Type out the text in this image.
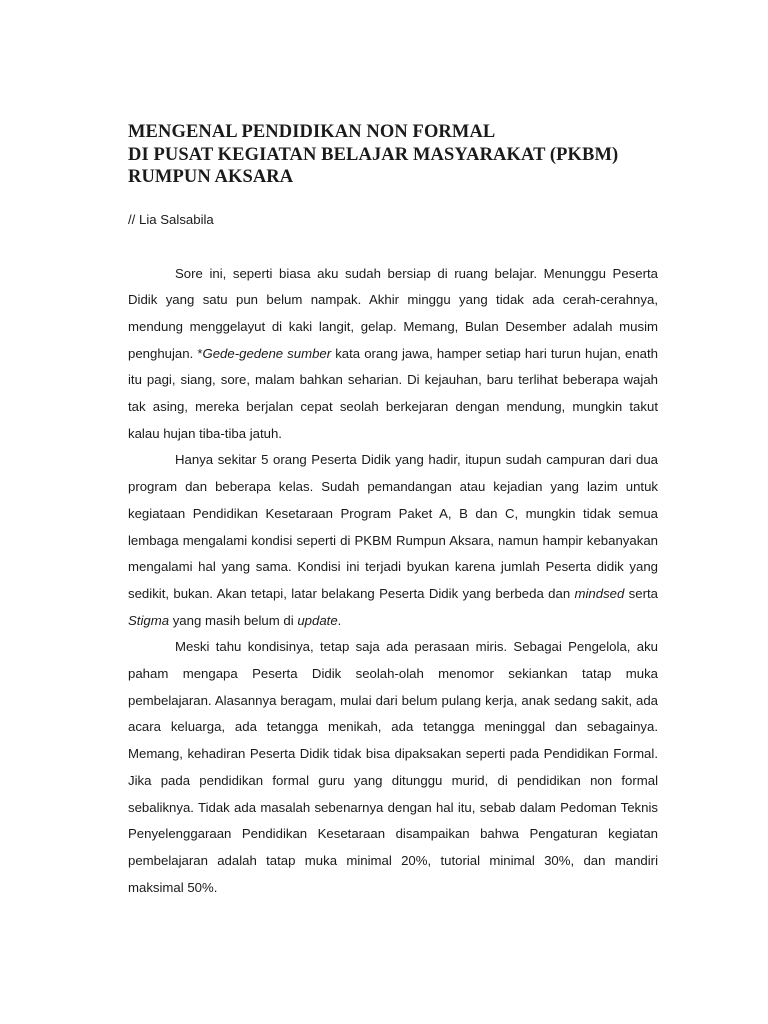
MENGENAL PENDIDIKAN NON FORMAL
DI PUSAT KEGIATAN BELAJAR MASYARAKAT (PKBM)
RUMPUN AKSARA

// Lia Salsabila

Sore ini, seperti biasa aku sudah bersiap di ruang belajar. Menunggu Peserta Didik yang satu pun belum nampak. Akhir minggu yang tidak ada cerah-cerahnya, mendung menggelayut di kaki langit, gelap. Memang, Bulan Desember adalah musim penghujan. *Gede-gedene sumber kata orang jawa, hamper setiap hari turun hujan, enath itu pagi, siang, sore, malam bahkan seharian. Di kejauhan, baru terlihat beberapa wajah tak asing, mereka berjalan cepat seolah berkejaran dengan mendung, mungkin takut kalau hujan tiba-tiba jatuh.

Hanya sekitar 5 orang Peserta Didik yang hadir, itupun sudah campuran dari dua program dan beberapa kelas. Sudah pemandangan atau kejadian yang lazim untuk kegiataan Pendidikan Kesetaraan Program Paket A, B dan C, mungkin tidak semua lembaga mengalami kondisi seperti di PKBM Rumpun Aksara, namun hampir kebanyakan mengalami hal yang sama. Kondisi ini terjadi byukan karena jumlah Peserta didik yang sedikit, bukan. Akan tetapi, latar belakang Peserta Didik yang berbeda dan mindsed serta Stigma yang masih belum di update.

Meski tahu kondisinya, tetap saja ada perasaan miris. Sebagai Pengelola, aku paham mengapa Peserta Didik seolah-olah menomor sekiankan tatap muka pembelajaran. Alasannya beragam, mulai dari belum pulang kerja, anak sedang sakit, ada acara keluarga, ada tetangga menikah, ada tetangga meninggal dan sebagainya. Memang, kehadiran Peserta Didik tidak bisa dipaksakan seperti pada Pendidikan Formal. Jika pada pendidikan formal guru yang ditunggu murid, di pendidikan non formal sebaliknya. Tidak ada masalah sebenarnya dengan hal itu, sebab dalam Pedoman Teknis Penyelenggaraan Pendidikan Kesetaraan disampaikan bahwa Pengaturan kegiatan pembelajaran adalah tatap muka minimal 20%, tutorial minimal 30%, dan mandiri maksimal 50%.
